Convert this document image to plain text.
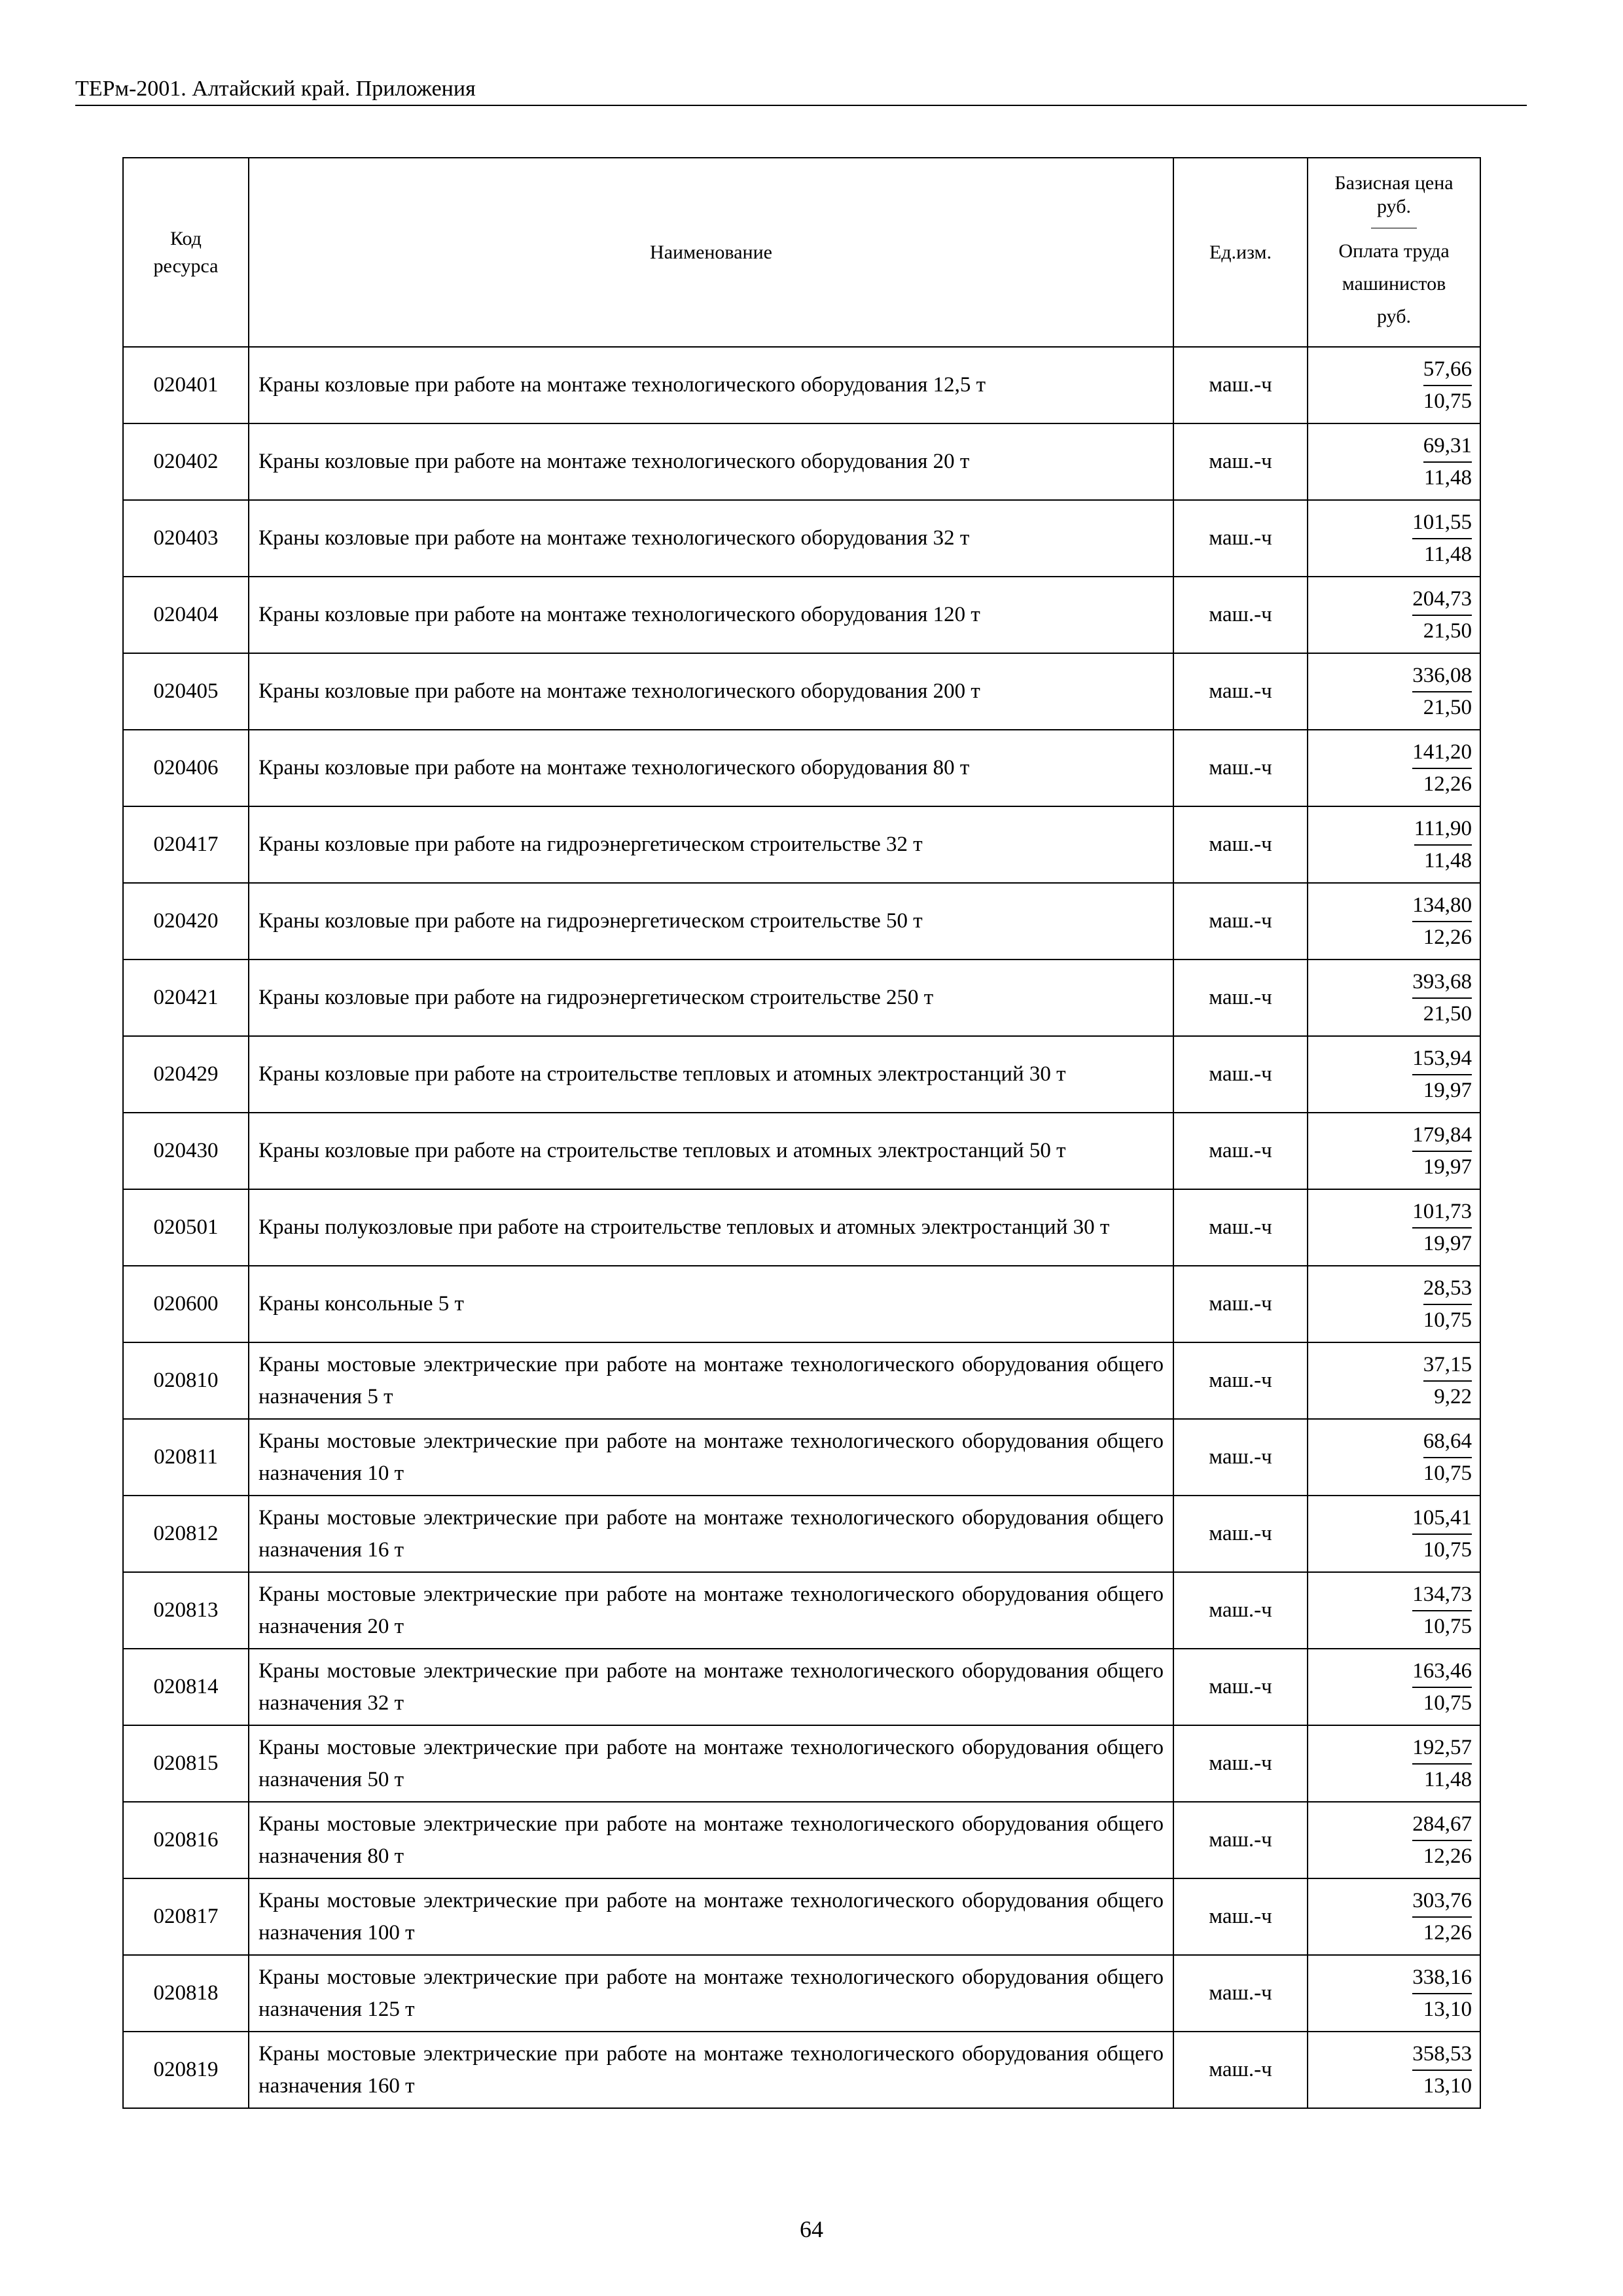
ТЕРм-2001. Алтайский край. Приложения
Код ресурса	Наименование	Ед.изм.	Базисная цена руб.
Оплата труда машинистов руб.

020401	Краны козловые при работе на монтаже технологического оборудования 12,5 т	маш.-ч	57,66
10,75

020402	Краны козловые при работе на монтаже технологического оборудования 20 т	маш.-ч	69,31
11,48

020403	Краны козловые при работе на монтаже технологического оборудования 32 т	маш.-ч	101,55
11,48

020404	Краны козловые при работе на монтаже технологического оборудования 120 т	маш.-ч	204,73
21,50

020405	Краны козловые при работе на монтаже технологического оборудования 200 т	маш.-ч	336,08
21,50

020406	Краны козловые при работе на монтаже технологического оборудования 80 т	маш.-ч	141,20
12,26

020417	Краны козловые при работе на гидроэнергетическом строительстве 32 т	маш.-ч	111,90
11,48

020420	Краны козловые при работе на гидроэнергетическом строительстве 50 т	маш.-ч	134,80
12,26

020421	Краны козловые при работе на гидроэнергетическом строительстве 250 т	маш.-ч	393,68
21,50

020429	Краны козловые при работе на строительстве тепловых и атомных электростанций 30 т	маш.-ч	153,94
19,97

020430	Краны козловые при работе на строительстве тепловых и атомных электростанций 50 т	маш.-ч	179,84
19,97

020501	Краны полукозловые при работе на строительстве тепловых и атомных электростанций 30 т	маш.-ч	101,73
19,97

020600	Краны консольные 5 т	маш.-ч	28,53
10,75

020810	Краны мостовые электрические при работе на монтаже технологического оборудования общего назначения 5 т	маш.-ч	37,15
9,22

020811	Краны мостовые электрические при работе на монтаже технологического оборудования общего назначения 10 т	маш.-ч	68,64
10,75

020812	Краны мостовые электрические при работе на монтаже технологического оборудования общего назначения 16 т	маш.-ч	105,41
10,75

020813	Краны мостовые электрические при работе на монтаже технологического оборудования общего назначения 20 т	маш.-ч	134,73
10,75

020814	Краны мостовые электрические при работе на монтаже технологического оборудования общего назначения 32 т	маш.-ч	163,46
10,75

020815	Краны мостовые электрические при работе на монтаже технологического оборудования общего назначения 50 т	маш.-ч	192,57
11,48

020816	Краны мостовые электрические при работе на монтаже технологического оборудования общего назначения 80 т	маш.-ч	284,67
12,26

020817	Краны мостовые электрические при работе на монтаже технологического оборудования общего назначения 100 т	маш.-ч	303,76
12,26

020818	Краны мостовые электрические при работе на монтаже технологического оборудования общего назначения 125 т	маш.-ч	338,16
13,10

020819	Краны мостовые электрические при работе на монтаже технологического оборудования общего назначения 160 т	маш.-ч	358,53
13,10
64
